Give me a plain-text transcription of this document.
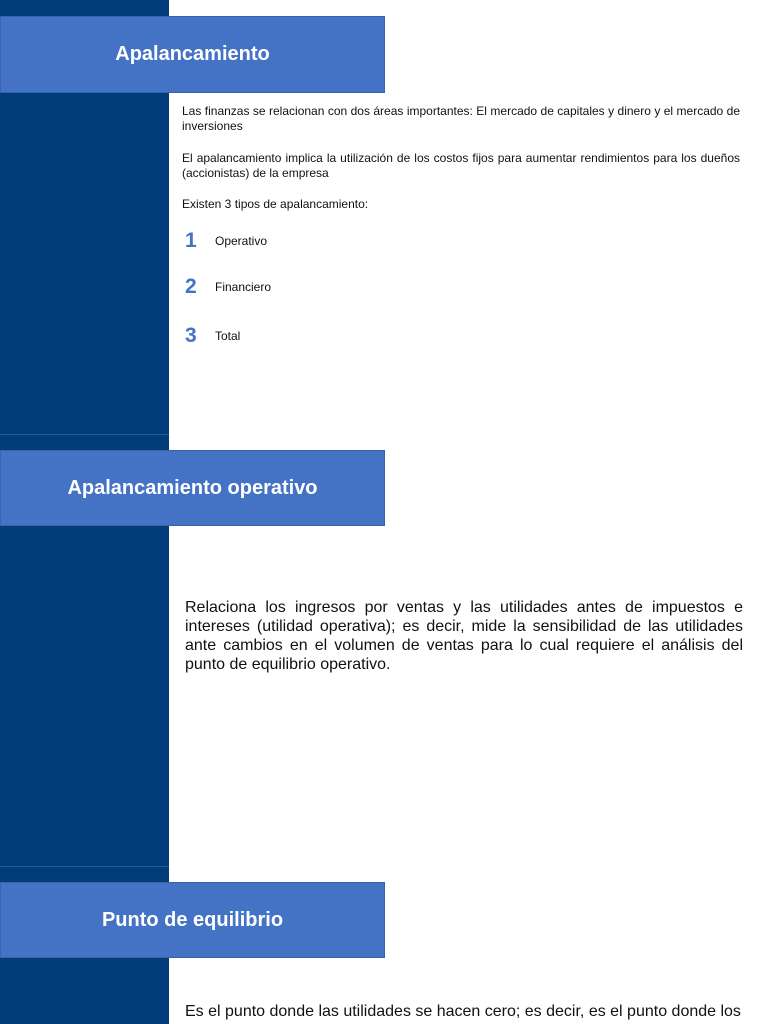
Apalancamiento
Las finanzas se relacionan con dos áreas importantes: El mercado de capitales y dinero y el mercado de inversiones
El apalancamiento implica la utilización de los costos fijos para aumentar rendimientos para los dueños (accionistas) de la empresa
Existen 3 tipos de apalancamiento:
1	Operativo
2	Financiero
3	Total
Apalancamiento operativo
Relaciona los ingresos por ventas y las utilidades antes de impuestos e intereses (utilidad operativa); es decir, mide la sensibilidad de las utilidades ante cambios en el volumen de ventas para lo cual requiere el análisis del punto de equilibrio operativo.
Punto de equilibrio
Es el punto donde las utilidades se hacen cero; es decir, es el punto donde los
